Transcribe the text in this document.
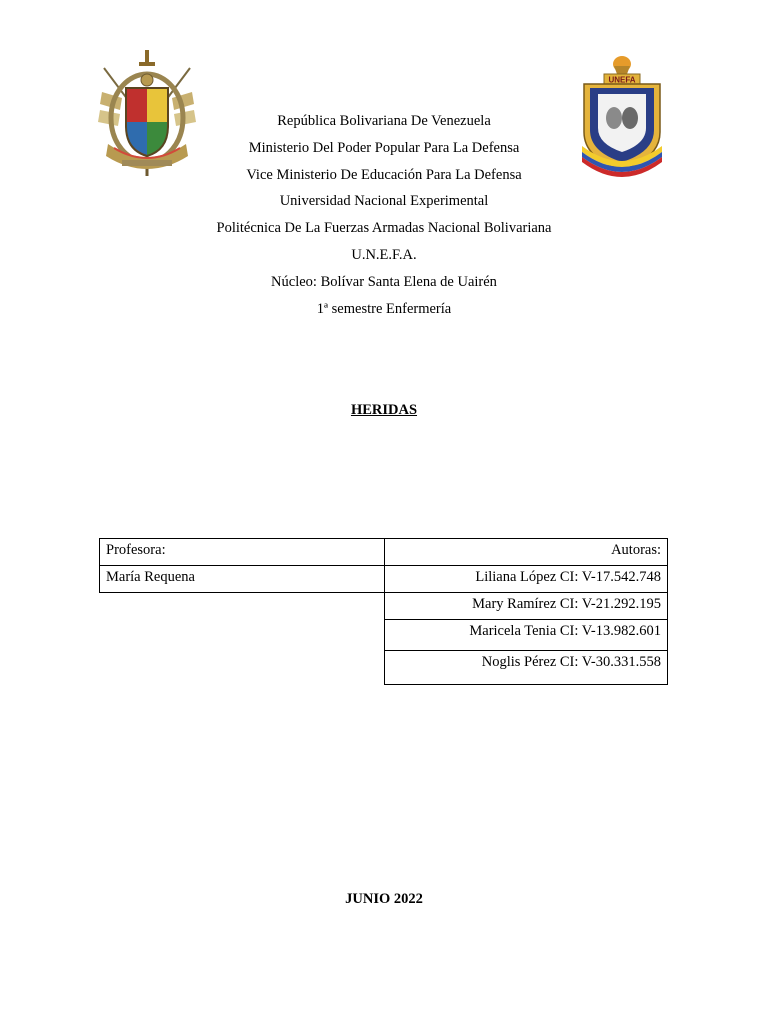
UNEFA
República Bolivariana De Venezuela
Ministerio Del Poder Popular Para La Defensa
Vice Ministerio De Educación Para La Defensa
Universidad Nacional Experimental
Politécnica De La Fuerzas Armadas Nacional Bolivariana
U.N.E.F.A.
Núcleo: Bolívar Santa Elena de Uairén
1ª semestre Enfermería
HERIDAS
Profesora:	Autoras:
María Requena	Liliana López CI: V-17.542.748
Mary Ramírez CI: V-21.292.195
Maricela Tenia CI: V-13.982.601
Noglis Pérez CI: V-30.331.558
JUNIO 2022
